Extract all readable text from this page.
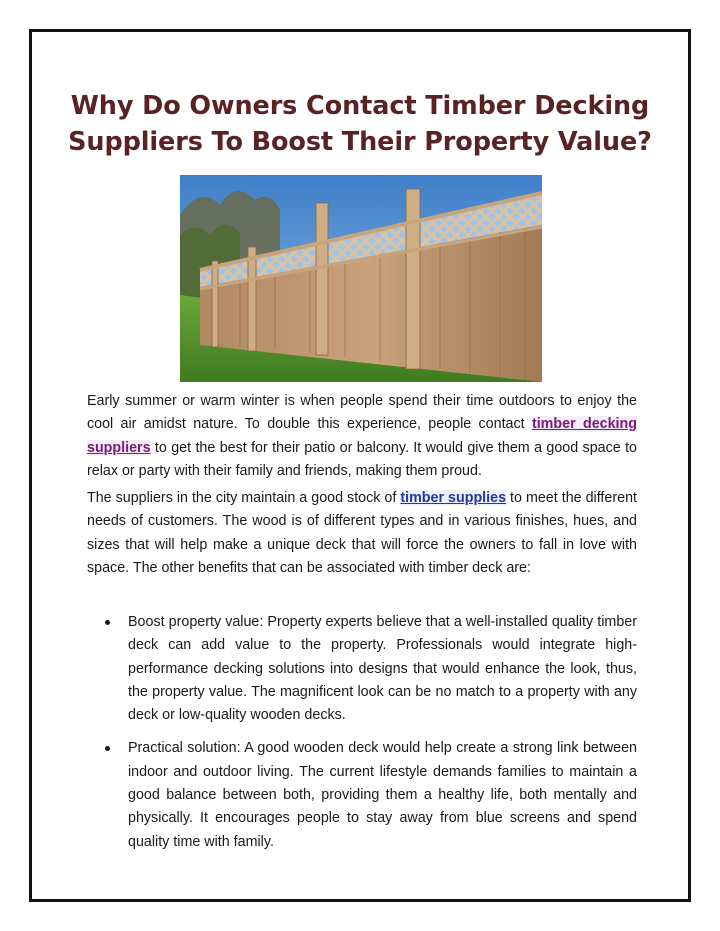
Why Do Owners Contact Timber Decking
Suppliers To Boost Their Property Value?

Early summer or warm winter is when people spend their time outdoors to enjoy the cool air amidst nature. To double this experience, people contact timber decking suppliers to get the best for their patio or balcony. It would give them a good space to relax or party with their family and friends, making them proud.

The suppliers in the city maintain a good stock of timber supplies to meet the different needs of customers. The wood is of different types and in various finishes, hues, and sizes that will help make a unique deck that will force the owners to fall in love with space. The other benefits that can be associated with timber deck are:

Boost property value: Property experts believe that a well-installed quality timber deck can add value to the property. Professionals would integrate high-performance decking solutions into designs that would enhance the look, thus, the property value. The magnificent look can be no match to a property with any deck or low-quality wooden decks.
Practical solution: A good wooden deck would help create a strong link between indoor and outdoor living. The current lifestyle demands families to maintain a good balance between both, providing them a healthy life, both mentally and physically. It encourages people to stay away from blue screens and spend quality time with family.
